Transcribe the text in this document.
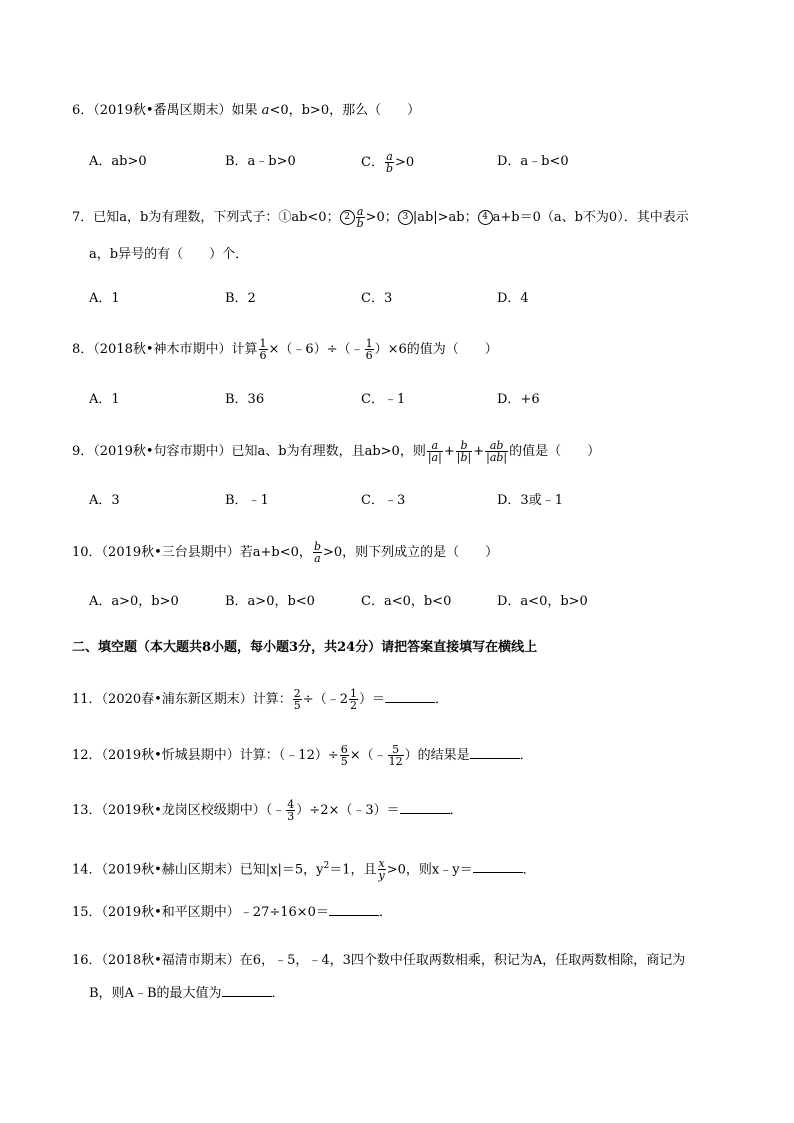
6．（2019秋•番禺区期末）如果 a<0，b>0，那么（　　）
A．ab>0	B．a﹣b>0	C． $\frac{a}{b} >0$	D．a﹣b<0
7．已知a，b为有理数，下列式子：①ab<0； $2 \frac{a}{b} >0$； 3 |ab|>ab； 4 a+b＝0（a、b不为0）．其中表示
a，b异号的有（　　）个．
A．1	B．2	C．3	D．4
8．（2018秋•神木市期中）计算 $\frac{1}{6}$ ×（﹣6）÷（﹣ $\frac{1}{6} )\times 6$的值为（　　）
A．1	B．36	C．﹣1	D．+6
9．（2019秋•句容市期中）已知a、b为有理数，且ab>0，则 $\frac{a}{|a|} + \frac{b}{|b|} + \frac{ab}{|ab|}$ 的值是（　　）
A．3	B．﹣1	C．﹣3	D．3或﹣1
10．（2019秋•三台县期中）若a+b<0， $\frac{b}{a} >0$，则下列成立的是（　　）
A．a>0，b>0	B．a>0，b<0	C．a<0，b<0	D．a<0，b>0
二、填空题（本大题共8小题，每小题3分，共24分）请把答案直接填写在横线上
11．（2020春•浦东新区期末）计算： $\frac{2}{5}$ ÷（﹣2 $\frac{1}{2}$ ）＝	．
12．（2019秋•忻城县期中）计算：（﹣12）÷ $\frac{6}{5}$ ×（﹣ $\frac{5}{12}$ ）的结果是	．
13．（2019秋•龙岗区校级期中）（﹣ $\frac{4}{3}$ ）÷2×（﹣3）＝	．
14．（2019秋•赫山区期末）已知|x|＝5，$y^2=1$，且 $\frac{x}{y} >0$，则x﹣y＝	．
15．（2019秋•和平区期中）﹣27÷16×0＝	．
16．（2018秋•福清市期末）在6，﹣5，﹣4，3四个数中任取两数相乘，积记为A，任取两数相除，商记为
B，则A﹣B的最大值为	．
